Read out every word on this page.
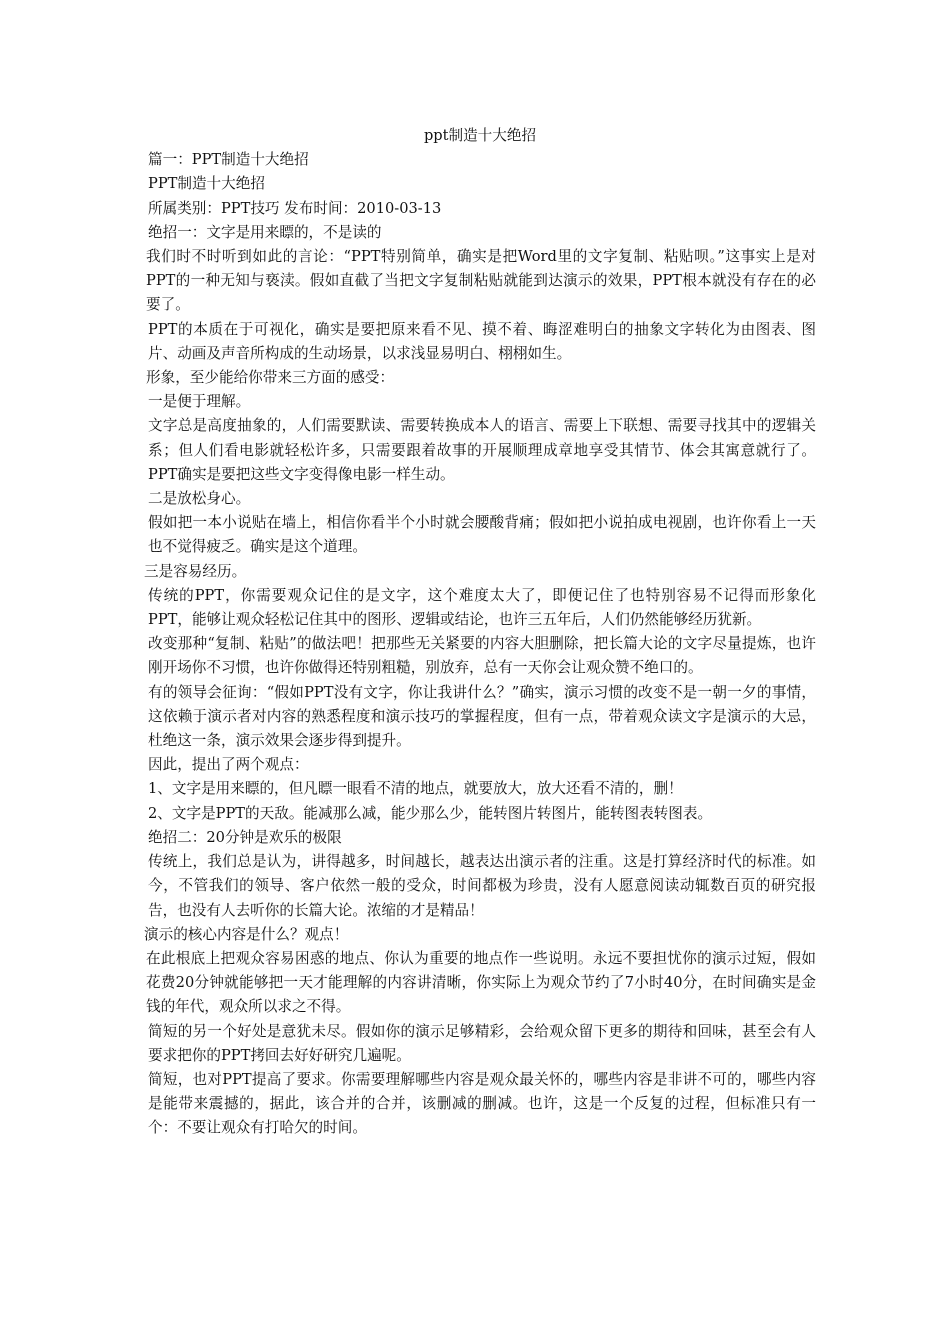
ppt制造十大绝招

篇一：PPT制造十大绝招

PPT制造十大绝招

所属类别：PPT技巧 发布时间：2010-03-13

绝招一：文字是用来瞟的，不是读的

我们时不时听到如此的言论：“PPT特别简单，确实是把Word里的文字复制、粘贴呗。”这事实上是对PPT的一种无知与亵渎。假如直截了当把文字复制粘贴就能到达演示的效果，PPT根本就没有存在的必要了。

PPT的本质在于可视化，确实是要把原来看不见、摸不着、晦涩难明白的抽象文字转化为由图表、图片、动画及声音所构成的生动场景，以求浅显易明白、栩栩如生。

形象，至少能给你带来三方面的感受：

一是便于理解。

文字总是高度抽象的，人们需要默读、需要转换成本人的语言、需要上下联想、需要寻找其中的逻辑关系；但人们看电影就轻松许多，只需要跟着故事的开展顺理成章地享受其情节、体会其寓意就行了。PPT确实是要把这些文字变得像电影一样生动。

二是放松身心。

假如把一本小说贴在墙上，相信你看半个小时就会腰酸背痛；假如把小说拍成电视剧，也许你看上一天也不觉得疲乏。确实是这个道理。

三是容易经历。

传统的PPT，你需要观众记住的是文字，这个难度太大了，即便记住了也特别容易不记得而形象化PPT，能够让观众轻松记住其中的图形、逻辑或结论，也许三五年后，人们仍然能够经历犹新。

改变那种“复制、粘贴”的做法吧！把那些无关紧要的内容大胆删除，把长篇大论的文字尽量提炼，也许刚开场你不习惯，也许你做得还特别粗糙，别放弃，总有一天你会让观众赞不绝口的。

有的领导会征询：“假如PPT没有文字，你让我讲什么？”确实，演示习惯的改变不是一朝一夕的事情，这依赖于演示者对内容的熟悉程度和演示技巧的掌握程度，但有一点，带着观众读文字是演示的大忌，杜绝这一条，演示效果会逐步得到提升。

因此，提出了两个观点：

1、文字是用来瞟的，但凡瞟一眼看不清的地点，就要放大，放大还看不清的，删！

2、文字是PPT的天敌。能减那么减，能少那么少，能转图片转图片，能转图表转图表。

绝招二：20分钟是欢乐的极限

传统上，我们总是认为，讲得越多，时间越长，越表达出演示者的注重。这是打算经济时代的标准。如今，不管我们的领导、客户依然一般的受众，时间都极为珍贵，没有人愿意阅读动辄数百页的研究报告，也没有人去听你的长篇大论。浓缩的才是精品！

演示的核心内容是什么？观点！

在此根底上把观众容易困惑的地点、你认为重要的地点作一些说明。永远不要担忧你的演示过短，假如花费20分钟就能够把一天才能理解的内容讲清晰，你实际上为观众节约了7小时40分，在时间确实是金钱的年代，观众所以求之不得。

简短的另一个好处是意犹未尽。假如你的演示足够精彩，会给观众留下更多的期待和回味，甚至会有人要求把你的PPT拷回去好好研究几遍呢。

简短，也对PPT提高了要求。你需要理解哪些内容是观众最关怀的，哪些内容是非讲不可的，哪些内容是能带来震撼的，据此，该合并的合并，该删减的删减。也许，这是一个反复的过程，但标准只有一个：不要让观众有打哈欠的时间。
